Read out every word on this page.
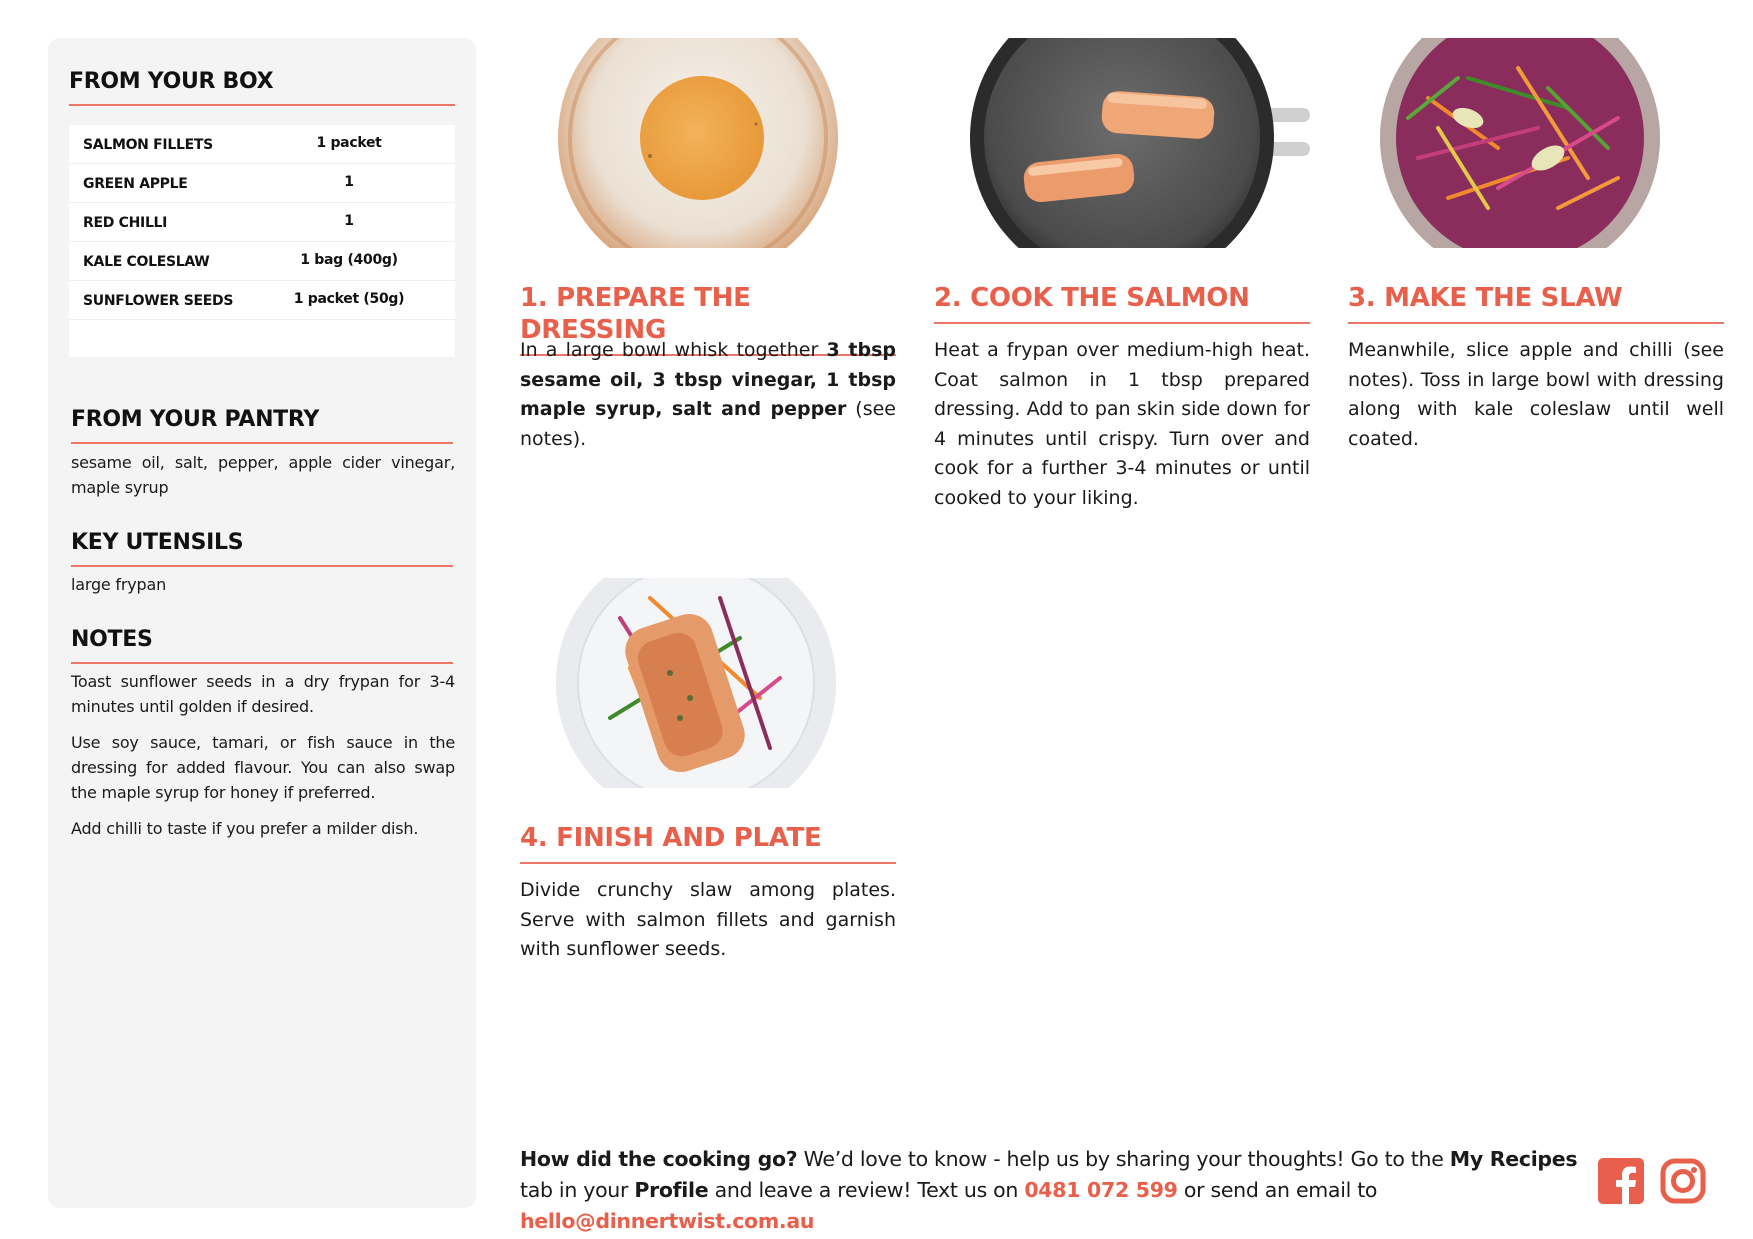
FROM YOUR BOX
SALMON FILLETS	1 packet
GREEN APPLE	1
RED CHILLI	1
KALE COLESLAW	1 bag (400g)
SUNFLOWER SEEDS	1 packet (50g)
FROM YOUR PANTRY
sesame oil, salt, pepper, apple cider vinegar, maple syrup
KEY UTENSILS
large frypan
NOTES

Toast sunflower seeds in a dry frypan for 3-4 minutes until golden if desired.

Use soy sauce, tamari, or fish sauce in the dressing for added flavour. You can also swap the maple syrup for honey if preferred.

Add chilli to taste if you prefer a milder dish.

1. PREPARE THE DRESSING
In a large bowl whisk together 3 tbsp sesame oil, 3 tbsp vinegar, 1 tbsp maple syrup, salt and pepper (see notes).
2. COOK THE SALMON
Heat a frypan over medium-high heat. Coat salmon in 1 tbsp prepared dressing. Add to pan skin side down for 4 minutes until crispy. Turn over and cook for a further 3-4 minutes or until cooked to your liking.
3. MAKE THE SLAW
Meanwhile, slice apple and chilli (see notes). Toss in large bowl with dressing along with kale coleslaw until well coated.
4. FINISH AND PLATE
Divide crunchy slaw among plates. Serve with salmon fillets and garnish with sunflower seeds.
How did the cooking go? We’d love to know - help us by sharing your thoughts! Go to the My Recipes tab in your Profile and leave a review! Text us on 0481 072 599 or send an email to hello@dinnertwist.com.au
